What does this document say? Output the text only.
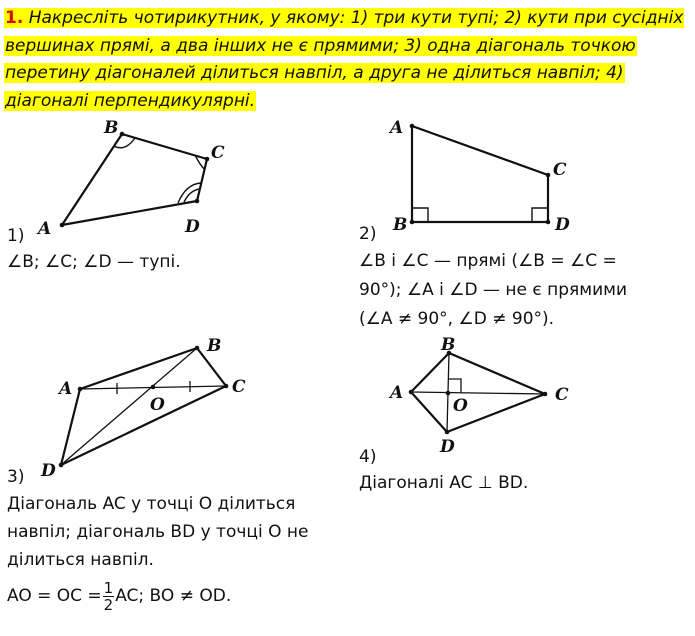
1. Накресліть чотирикутник, у якому: 1) три кути тупі; 2) кути при сусідніх вершинах прямі, а два інших не є прямими; 3) одна діагональ точкою перетину діагоналей ділиться навпіл, а друга не ділиться навпіл; 4) діагоналі перпендикулярні.
A
B
C
D
1)
∠B; ∠C; ∠D — тупі.
A
B
C
D
2)
∠B і ∠C — прямі (∠B = ∠C = 90°); ∠A і ∠D — не є прямими (∠A ≠ 90°, ∠D ≠ 90°).
A
B
C
D
O
3)
Діагональ AC у точці O ділиться навпіл; діагональ BD у точці O не ділиться навпіл.
AO = OC = $\frac{1}{2}$ AC; BO ≠ OD.
A
B
C
D
O
4)
Діагоналі AC ⊥ BD.
